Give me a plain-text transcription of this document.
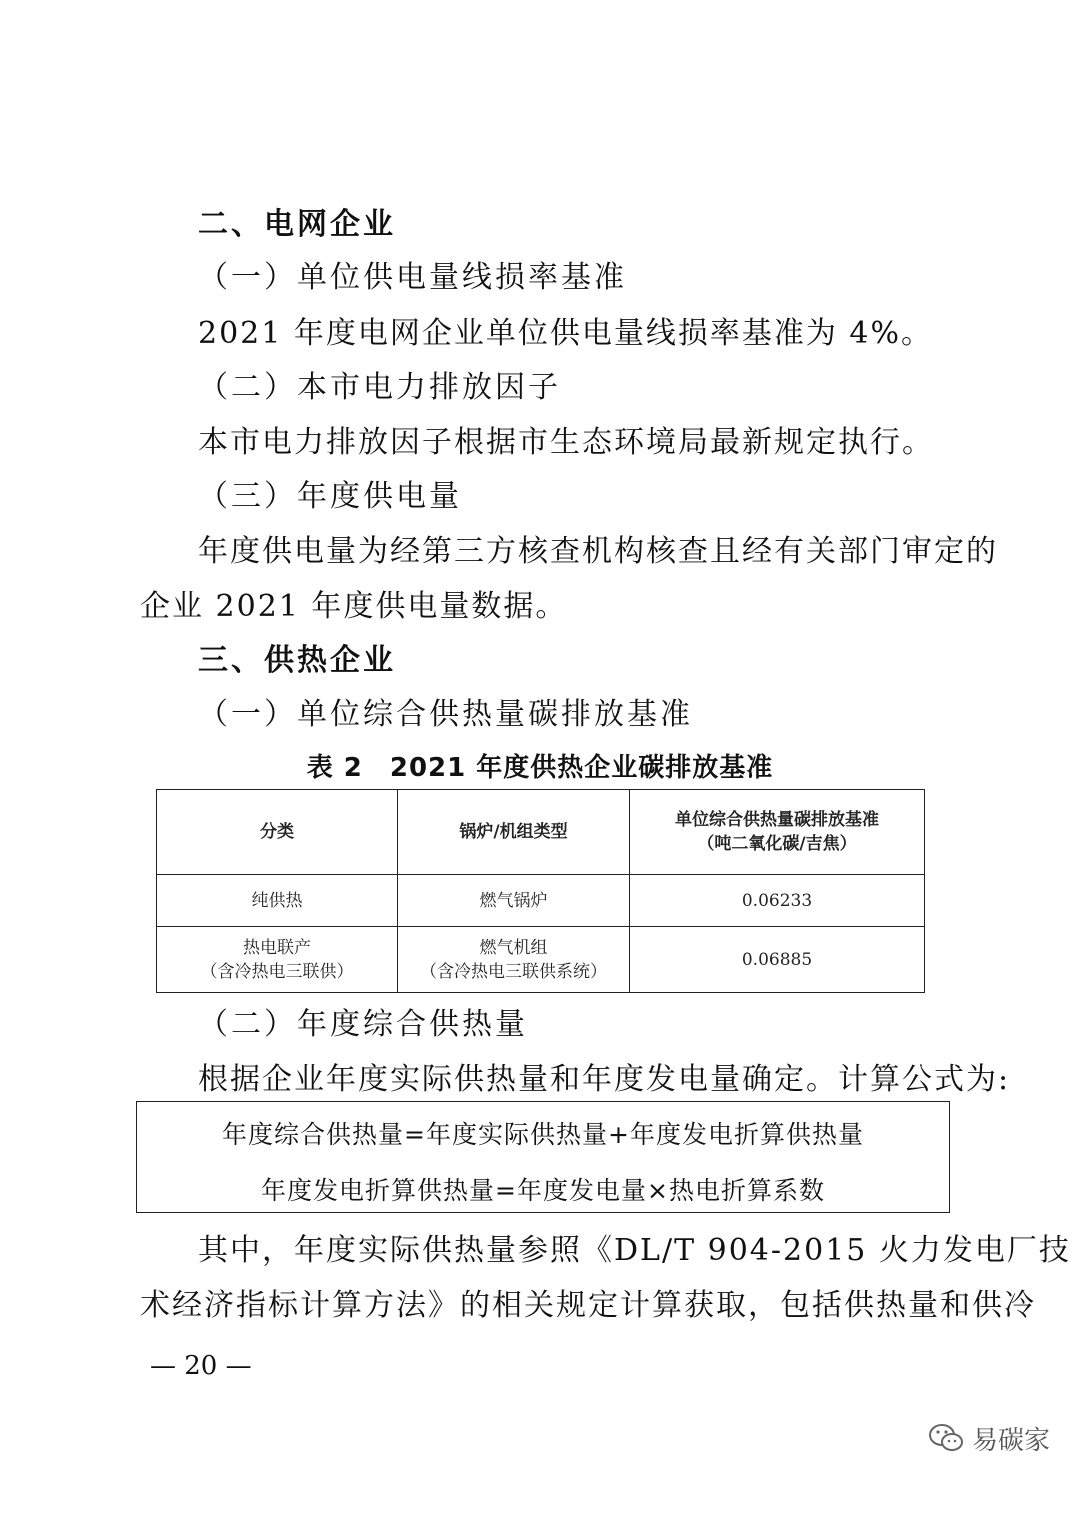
二、电网企业
（一）单位供电量线损率基准
2021 年度电网企业单位供电量线损率基准为 4%。
（二）本市电力排放因子
本市电力排放因子根据市生态环境局最新规定执行。
（三）年度供电量
年度供电量为经第三方核查机构核查且经有关部门审定的
企业 2021 年度供电量数据。
三、供热企业
（一）单位综合供热量碳排放基准
表 2　2021 年度供热企业碳排放基准
分类	锅炉/机组类型	单位综合供热量碳排放基准
（吨二氧化碳/吉焦）

纯供热	燃气锅炉	0.06233

热电联产
（含冷热电三联供）	燃气机组
（含冷热电三联供系统）	0.06885
（二）年度综合供热量
根据企业年度实际供热量和年度发电量确定。计算公式为:
年度综合供热量=年度实际供热量+年度发电折算供热量
年度发电折算供热量=年度发电量×热电折算系数
其中，年度实际供热量参照《DL/T 904-2015 火力发电厂技
术经济指标计算方法》的相关规定计算获取，包括供热量和供冷
— 20 —
易碳家
